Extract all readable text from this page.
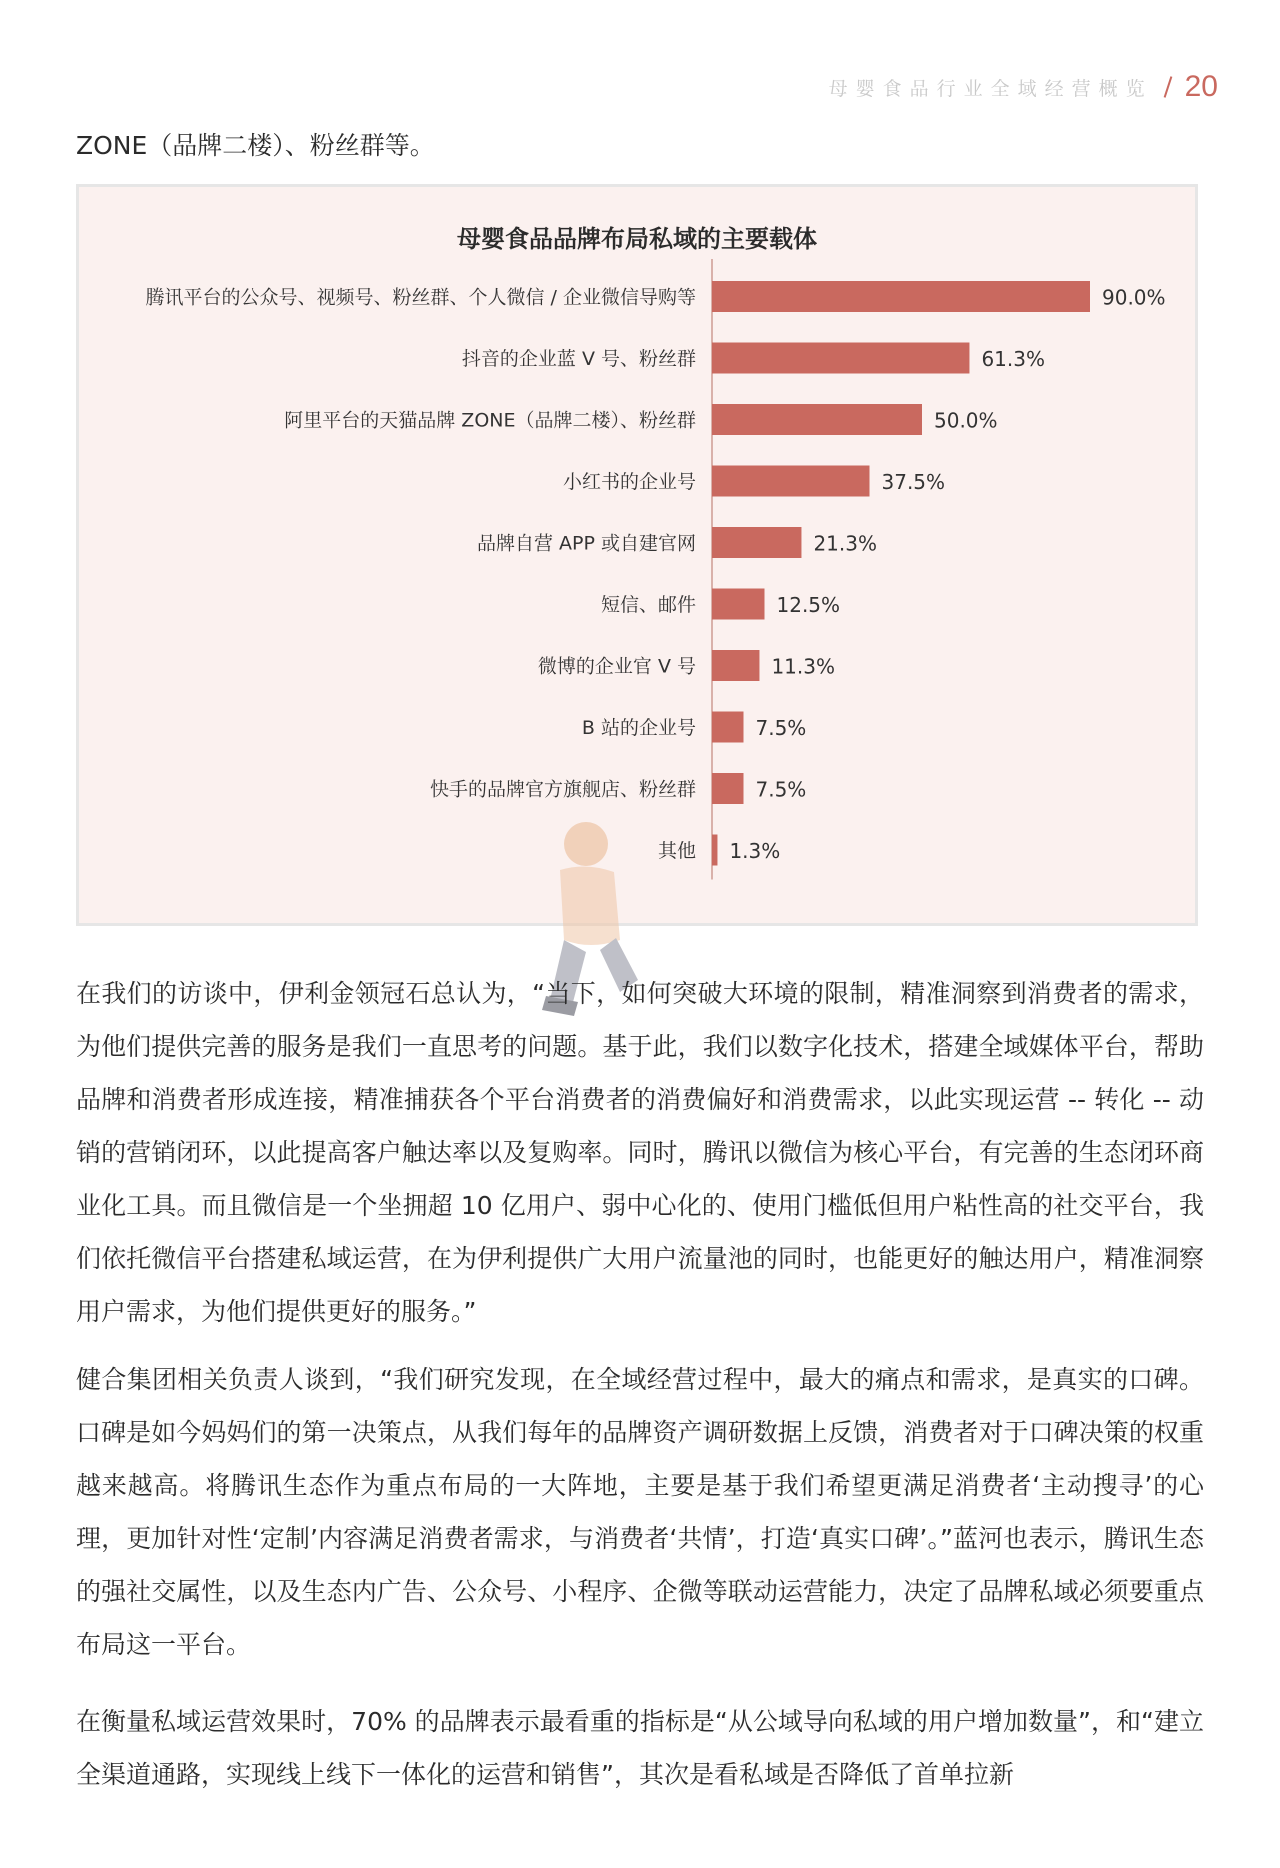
母婴食品行业全域经营概览 20
ZONE（品牌二楼）、粉丝群等。
母婴食品品牌布局私域的主要载体
腾讯平台的公众号、视频号、粉丝群、个人微信 / 企业微信导购等	90.0%
抖音的企业蓝 V 号、粉丝群	61.3%
阿里平台的天猫品牌 ZONE（品牌二楼）、粉丝群	50.0%
小红书的企业号	37.5%
品牌自营 APP 或自建官网	21.3%
短信、邮件	12.5%
微博的企业官 V 号	11.3%
B 站的企业号	7.5%
快手的品牌官方旗舰店、粉丝群	7.5%
其他 1.3%

在我们的访谈中，伊利金领冠石总认为，“当下，如何突破大环境的限制，精准洞察到消费者的需求，为他们提供完善的服务是我们一直思考的问题。基于此，我们以数字化技术，搭建全域媒体平台，帮助品牌和消费者形成连接，精准捕获各个平台消费者的消费偏好和消费需求，以此实现运营 -- 转化 -- 动销的营销闭环，以此提高客户触达率以及复购率。同时，腾讯以微信为核心平台，有完善的生态闭环商业化工具。而且微信是一个坐拥超 10 亿用户、弱中心化的、使用门槛低但用户粘性高的社交平台，我们依托微信平台搭建私域运营，在为伊利提供广大用户流量池的同时，也能更好的触达用户，精准洞察用户需求，为他们提供更好的服务。”

健合集团相关负责人谈到，“我们研究发现，在全域经营过程中，最大的痛点和需求，是真实的口碑。口碑是如今妈妈们的第一决策点，从我们每年的品牌资产调研数据上反馈，消费者对于口碑决策的权重越来越高。将腾讯生态作为重点布局的一大阵地，主要是基于我们希望更满足消费者‘主动搜寻’的心理，更加针对性‘定制’内容满足消费者需求，与消费者‘共情’，打造‘真实口碑’。”蓝河也表示，腾讯生态的强社交属性，以及生态内广告、公众号、小程序、企微等联动运营能力，决定了品牌私域必须要重点布局这一平台。

在衡量私域运营效果时，70% 的品牌表示最看重的指标是“从公域导向私域的用户增加数量”，和“建立全渠道通路，实现线上线下一体化的运营和销售”，其次是看私域是否降低了首单拉新
